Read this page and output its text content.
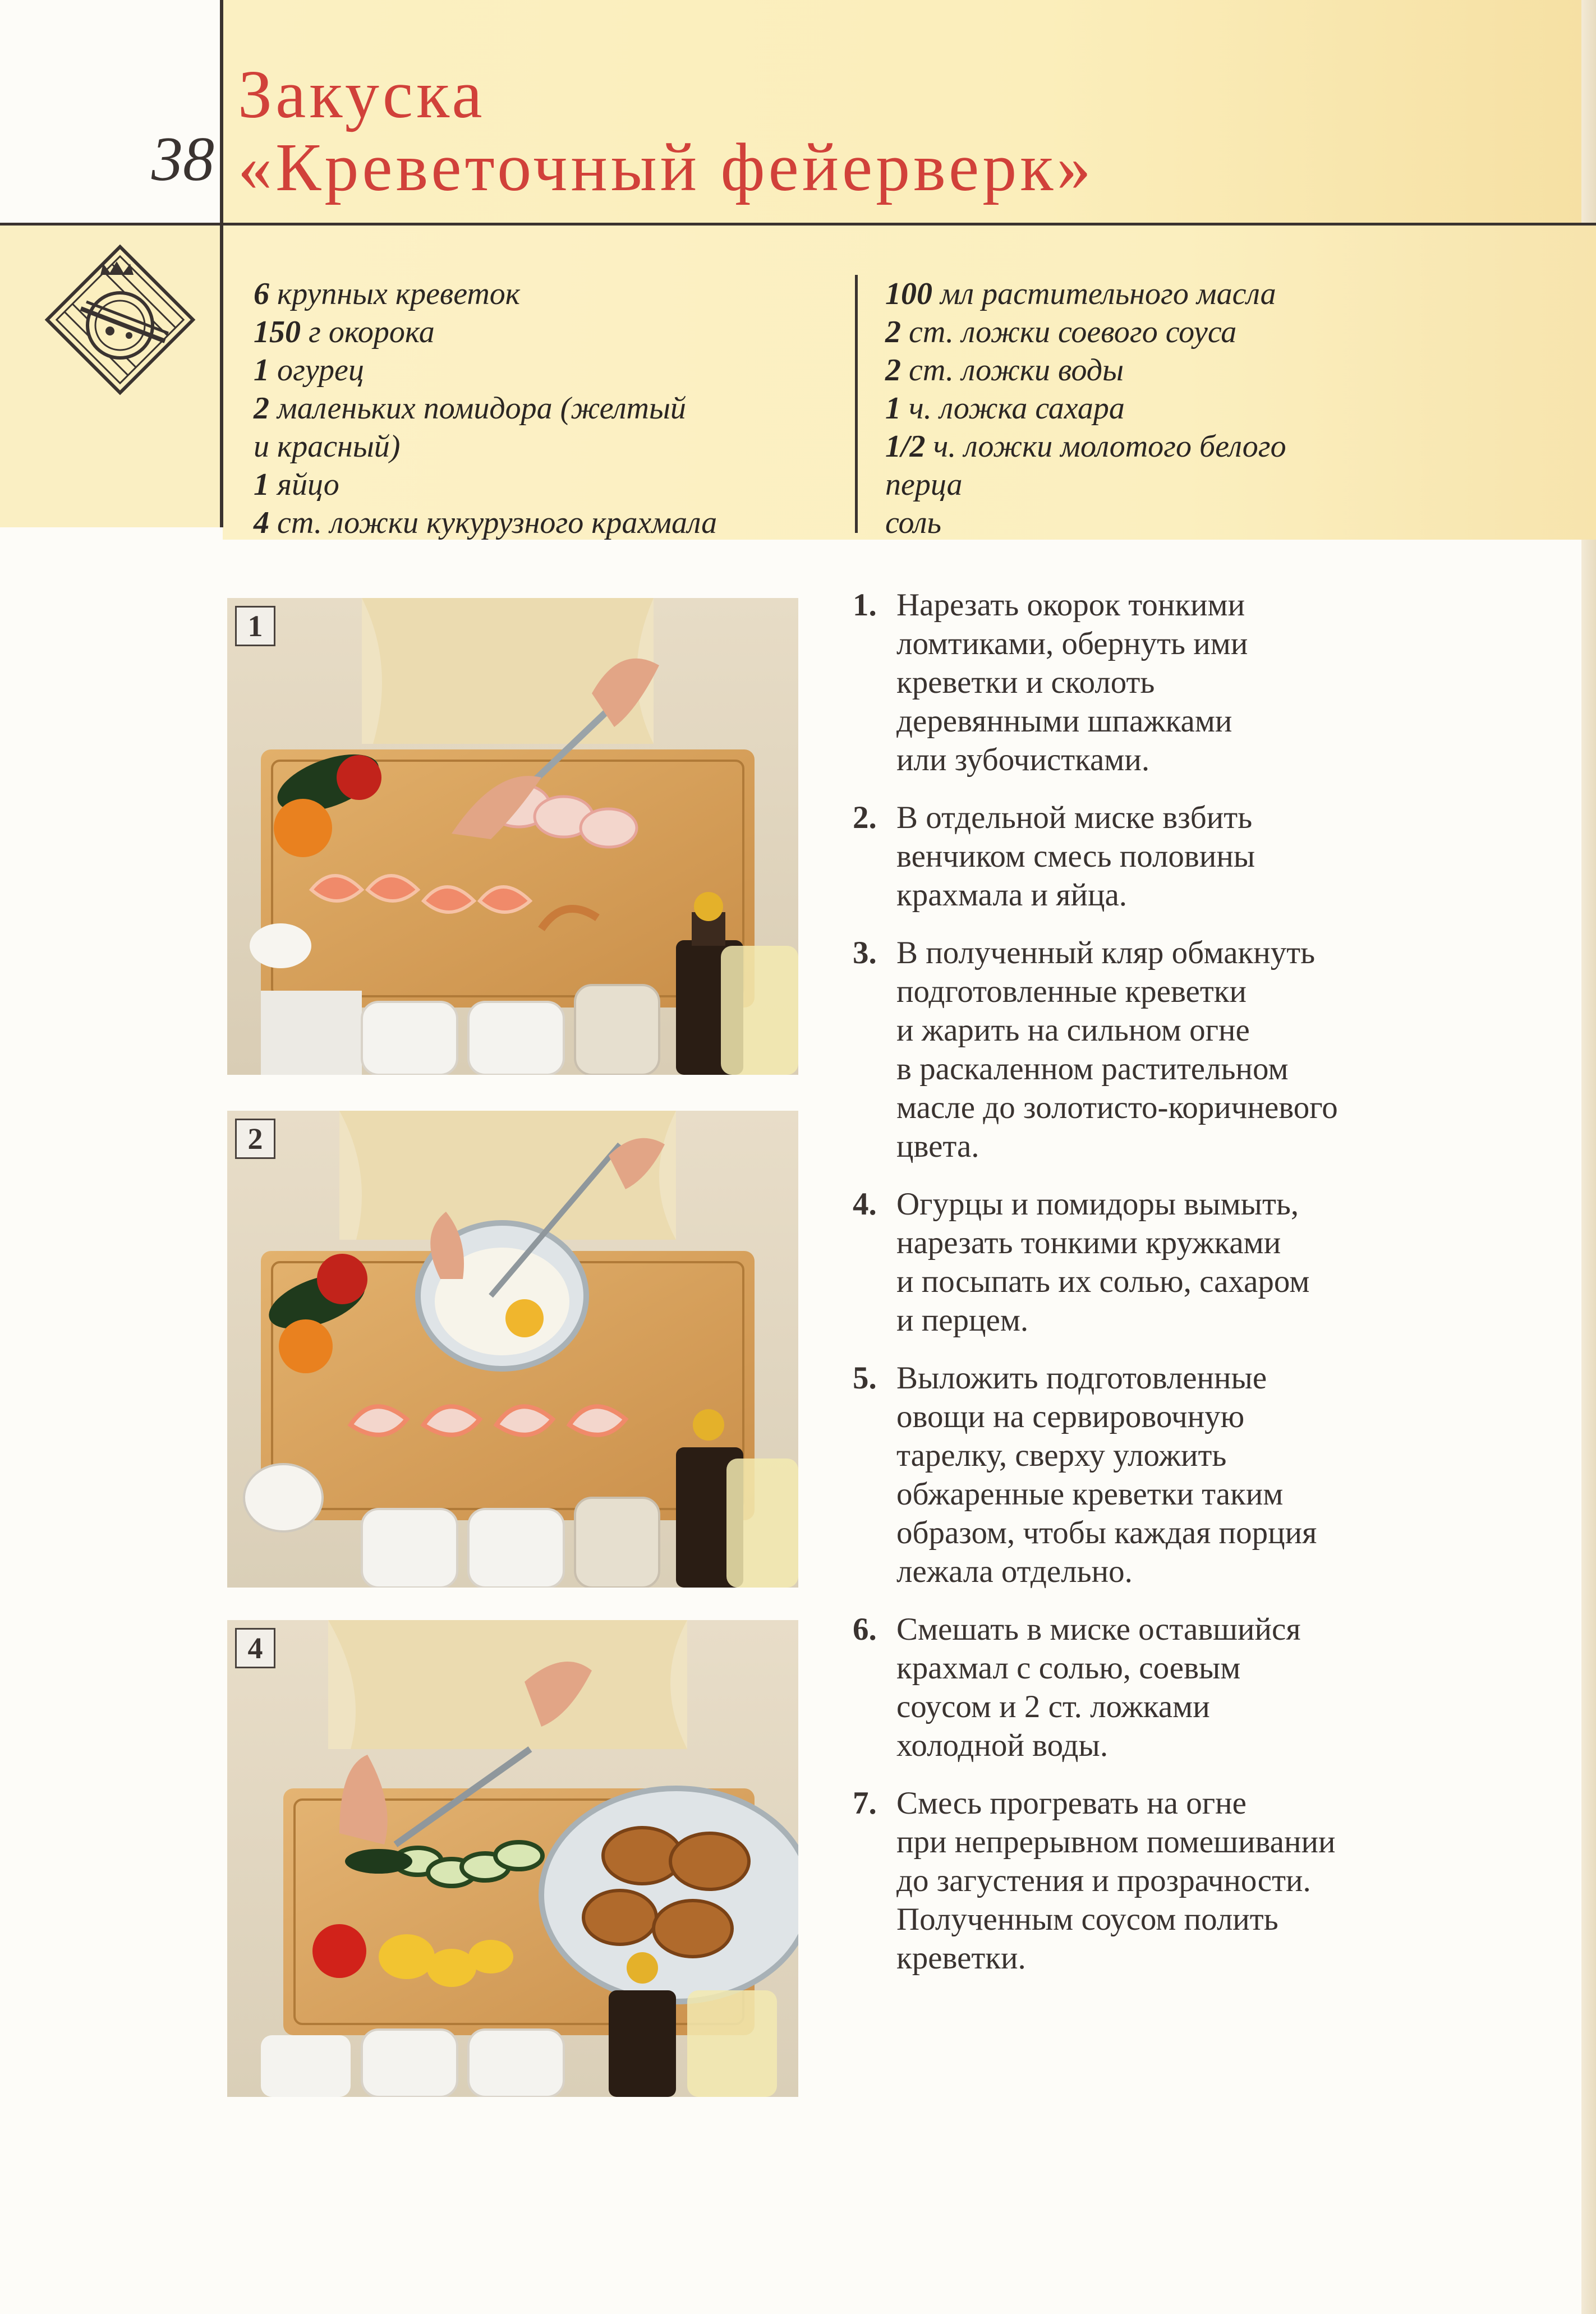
38
Закуска
«Креветочный фейерверк»
6 крупных креветок
150 г окорока
1 огурец
2 маленьких помидора (желтый
и красный)
1 яйцо
4 ст. ложки кукурузного крахмала
100 мл растительного масла
2 ст. ложки соевого соуса
2 ст. ложки воды
1 ч. ложка сахара
1/2 ч. ложки молотого белого
перца
соль
1
2
4
1. Нарезать окорок тонкими
ломтиками, обернуть ими
креветки и сколоть
деревянными шпажками
или зубочистками.
2. В отдельной миске взбить
венчиком смесь половины
крахмала и яйца.
3. В полученный кляр обмакнуть
подготовленные креветки
и жарить на сильном огне
в раскаленном растительном
масле до золотисто-коричневого
цвета.
4. Огурцы и помидоры вымыть,
нарезать тонкими кружками
и посыпать их солью, сахаром
и перцем.
5. Выложить подготовленные
овощи на сервировочную
тарелку, сверху уложить
обжаренные креветки таким
образом, чтобы каждая порция
лежала отдельно.
6. Смешать в миске оставшийся
крахмал с солью, соевым
соусом и 2 ст. ложками
холодной воды.
7. Смесь прогревать на огне
при непрерывном помешивании
до загустения и прозрачности.
Полученным соусом полить
креветки.
